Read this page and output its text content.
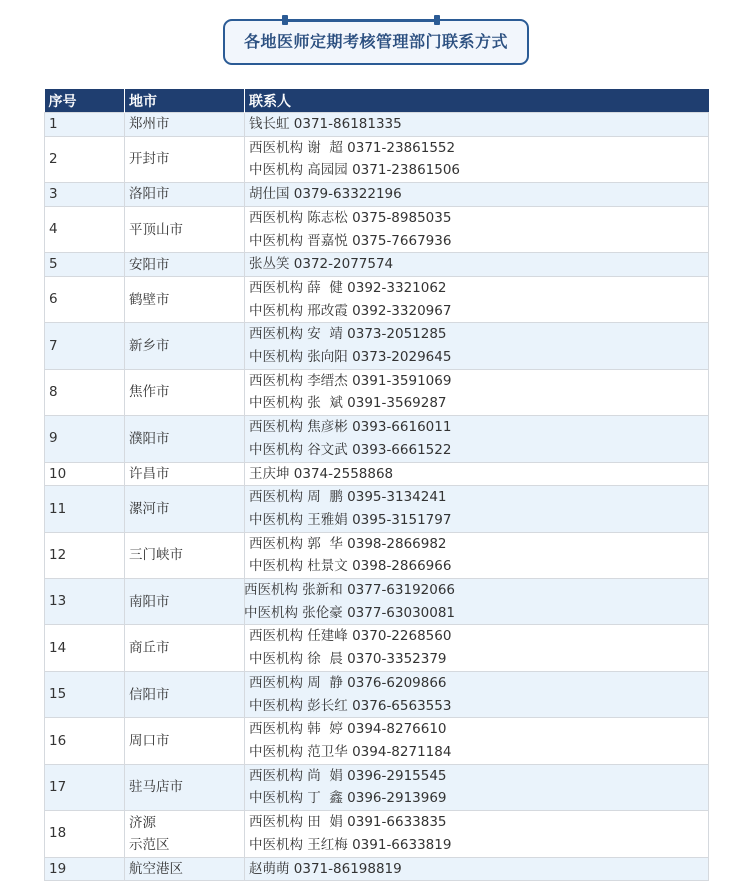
各地医师定期考核管理部门联系方式
序号	地市	联系人
1	郑州市	钱长虹 0371-86181335

2	开封市	西医机构 谢  超 0371-23861552
中医机构 高园园 0371-23861506

3	洛阳市	胡仕国 0379-63322196

4	平顶山市	西医机构 陈志松 0375-8985035
中医机构 晋嘉悦 0375-7667936

5	安阳市	张丛笑 0372-2077574

6	鹤壁市	西医机构 薛  健 0392-3321062
中医机构 邢改霞 0392-3320967

7	新乡市	西医机构 安  靖 0373-2051285
中医机构 张向阳 0373-2029645

8	焦作市	西医机构 李缙杰 0391-3591069
中医机构 张  斌 0391-3569287

9	濮阳市	西医机构 焦彦彬 0393-6616011
中医机构 谷文武 0393-6661522

10	许昌市	王庆坤 0374-2558868

11	漯河市	西医机构 周  鹏 0395-3134241
中医机构 王雅娟 0395-3151797

12	三门峡市	西医机构 郭  华 0398-2866982
中医机构 杜景文 0398-2866966

13	南阳市	西医机构 张新和 0377-63192066
中医机构 张伦豪 0377-63030081

14	商丘市	西医机构 任建峰 0370-2268560
中医机构 徐  晨 0370-3352379

15	信阳市	西医机构 周  静 0376-6209866
中医机构 彭长红 0376-6563553

16	周口市	西医机构 韩  婷 0394-8276610
中医机构 范卫华 0394-8271184

17	驻马店市	西医机构 尚  娟 0396-2915545
中医机构 丁  鑫 0396-2913969

18	济源
示范区	西医机构 田  娟 0391-6633835
中医机构 王红梅 0391-6633819

19	航空港区	赵萌萌 0371-86198819
